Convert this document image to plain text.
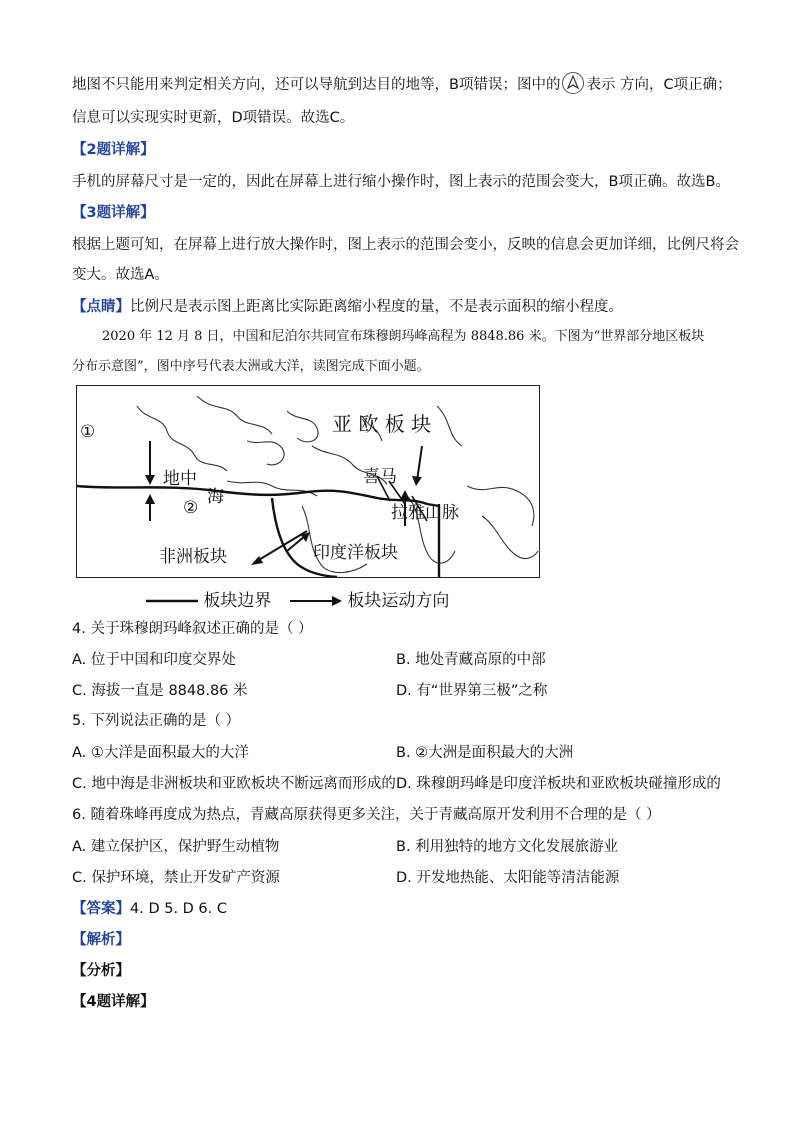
地图不只能用来判定相关方向，还可以导航到达目的地等，B项错误；图中的 表示 方向，C项正确；
信息可以实现实时更新，D项错误。故选C。
【2题详解】
手机的屏幕尺寸是一定的，因此在屏幕上进行缩小操作时，图上表示的范围会变大，B项正确。故选B。
【3题详解】
根据上题可知，在屏幕上进行放大操作时，图上表示的范围会变小，反映的信息会更加详细，比例尺将会
变大。故选A。
【点睛】比例尺是表示图上距离比实际距离缩小程度的量，不是表示面积的缩小程度。
2020 年 12 月 8 日，中国和尼泊尔共同宣布珠穆朗玛峰高程为 8848.86 米。下图为“世界部分地区板块
分布示意图”，图中序号代表大洲或大洋，读图完成下面小题。
亚 欧 板 块
①
②
地中
海
喜马
拉雅山脉
非洲板块	印度洋板块
板块边界	板块运动方向
4. 关于珠穆朗玛峰叙述正确的是（ ）
A. 位于中国和印度交界处	B. 地处青藏高原的中部
C. 海拔一直是 8848.86 米	D. 有“世界第三极”之称
5. 下列说法正确的是（ ）
A. ①大洋是面积最大的大洋	B. ②大洲是面积最大的大洲
C. 地中海是非洲板块和亚欧板块不断远离而形成的 D. 珠穆朗玛峰是印度洋板块和亚欧板块碰撞形成的
6. 随着珠峰再度成为热点，青藏高原获得更多关注，关于青藏高原开发利用不合理的是（ ）
A. 建立保护区，保护野生动植物	B. 利用独特的地方文化发展旅游业
C. 保护环境，禁止开发矿产资源	D. 开发地热能、太阳能等清洁能源
【答案】4. D 5. D 6. C
【解析】
【分析】
【4题详解】
